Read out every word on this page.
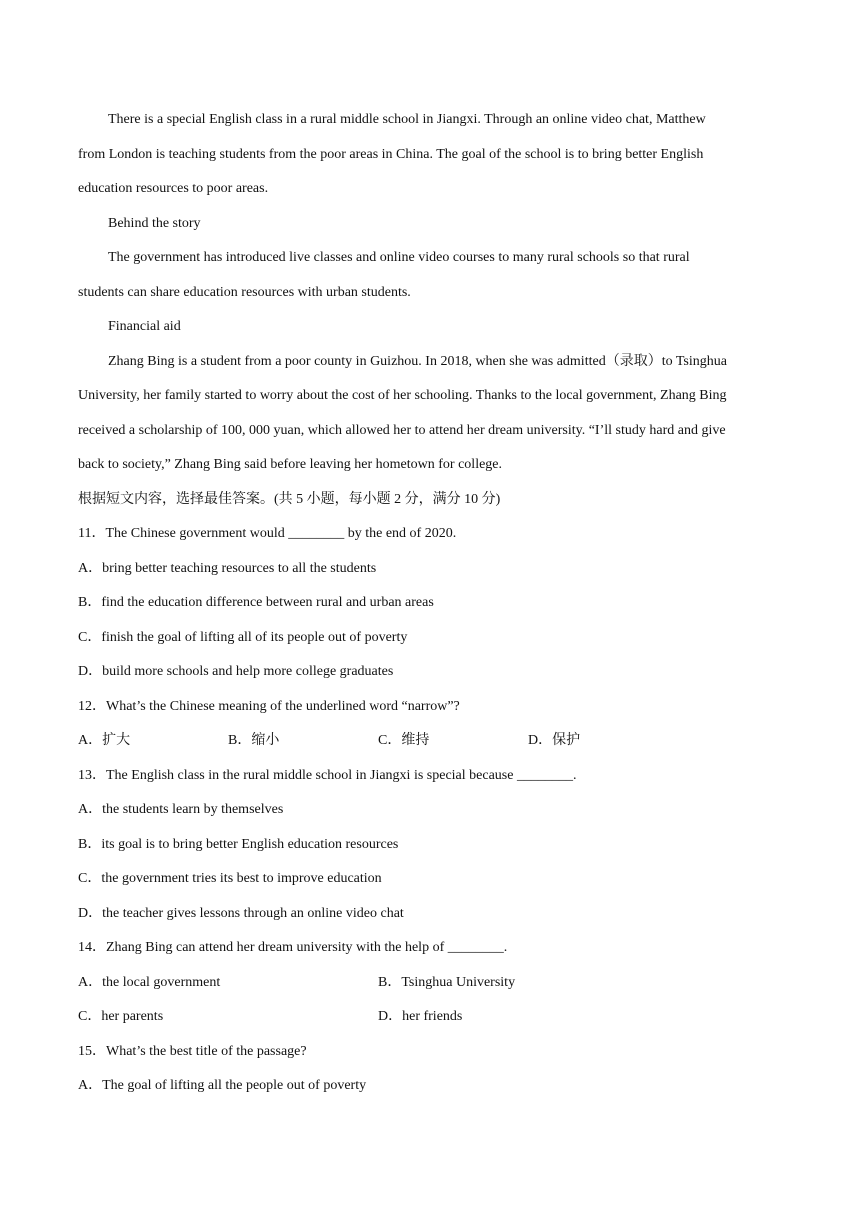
There is a special English class in a rural middle school in Jiangxi. Through an online video chat, Matthew
from London is teaching students from the poor areas in China. The goal of the school is to bring better English
education resources to poor areas.
Behind the story
The government has introduced live classes and online video courses to many rural schools so that rural
students can share education resources with urban students.
Financial aid
Zhang Bing is a student from a poor county in Guizhou. In 2018, when she was admitted（录取）to Tsinghua
University, her family started to worry about the cost of her schooling. Thanks to the local government, Zhang Bing
received a scholarship of 100, 000 yuan, which allowed her to attend her dream university. “I’ll study hard and give
back to society,” Zhang Bing said before leaving her hometown for college.
根据短文内容，选择最佳答案。(共 5 小题，每小题 2 分，满分 10 分)
11．The Chinese government would ________ by the end of 2020.
A．bring better teaching resources to all the students
B．find the education difference between rural and urban areas
C．finish the goal of lifting all of its people out of poverty
D．build more schools and help more college graduates
12．What’s the Chinese meaning of the underlined word “narrow”?
A．扩大	B．缩小	C．维持	D．保护
13．The English class in the rural middle school in Jiangxi is special because ________.
A．the students learn by themselves
B．its goal is to bring better English education resources
C．the government tries its best to improve education
D．the teacher gives lessons through an online video chat
14．Zhang Bing can attend her dream university with the help of ________.
A．the local government	B．Tsinghua University
C．her parents	D．her friends
15．What’s the best title of the passage?
A．The goal of lifting all the people out of poverty
